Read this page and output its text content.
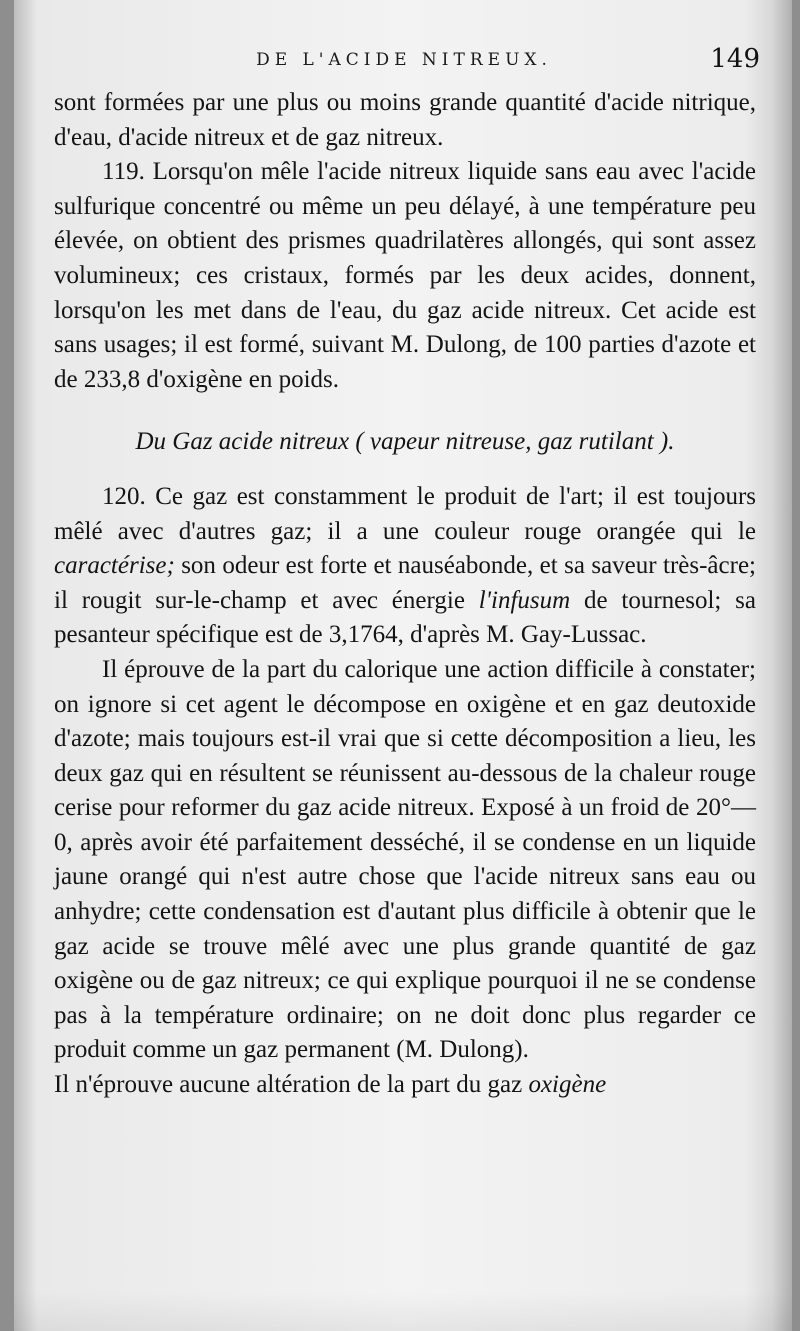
DE L'ACIDE NITREUX.	149

sont formées par une plus ou moins grande quantité d'acide nitrique, d'eau, d'acide nitreux et de gaz nitreux.

119. Lorsqu'on mêle l'acide nitreux liquide sans eau avec l'acide sulfurique concentré ou même un peu délayé, à une température peu élevée, on obtient des prismes quadrilatères allongés, qui sont assez volumineux; ces cristaux, formés par les deux acides, donnent, lorsqu'on les met dans de l'eau, du gaz acide nitreux. Cet acide est sans usages; il est formé, suivant M. Dulong, de 100 parties d'azote et de 233,8 d'oxigène en poids.

Du Gaz acide nitreux ( vapeur nitreuse, gaz rutilant ).

120. Ce gaz est constamment le produit de l'art; il est toujours mêlé avec d'autres gaz; il a une couleur rouge orangée qui le caractérise; son odeur est forte et nauséabonde, et sa saveur très-âcre; il rougit sur-le-champ et avec énergie l'infusum de tournesol; sa pesanteur spécifique est de 3,1764, d'après M. Gay-Lussac.

Il éprouve de la part du calorique une action difficile à constater; on ignore si cet agent le décompose en oxigène et en gaz deutoxide d'azote; mais toujours est-il vrai que si cette décomposition a lieu, les deux gaz qui en résultent se réunissent au-dessous de la chaleur rouge cerise pour reformer du gaz acide nitreux. Exposé à un froid de 20°—0, après avoir été parfaitement desséché, il se condense en un liquide jaune orangé qui n'est autre chose que l'acide nitreux sans eau ou anhydre; cette condensation est d'autant plus difficile à obtenir que le gaz acide se trouve mêlé avec une plus grande quantité de gaz oxigène ou de gaz nitreux; ce qui explique pourquoi il ne se condense pas à la température ordinaire; on ne doit donc plus regarder ce produit comme un gaz permanent (M. Dulong).

Il n'éprouve aucune altération de la part du gaz oxigène
